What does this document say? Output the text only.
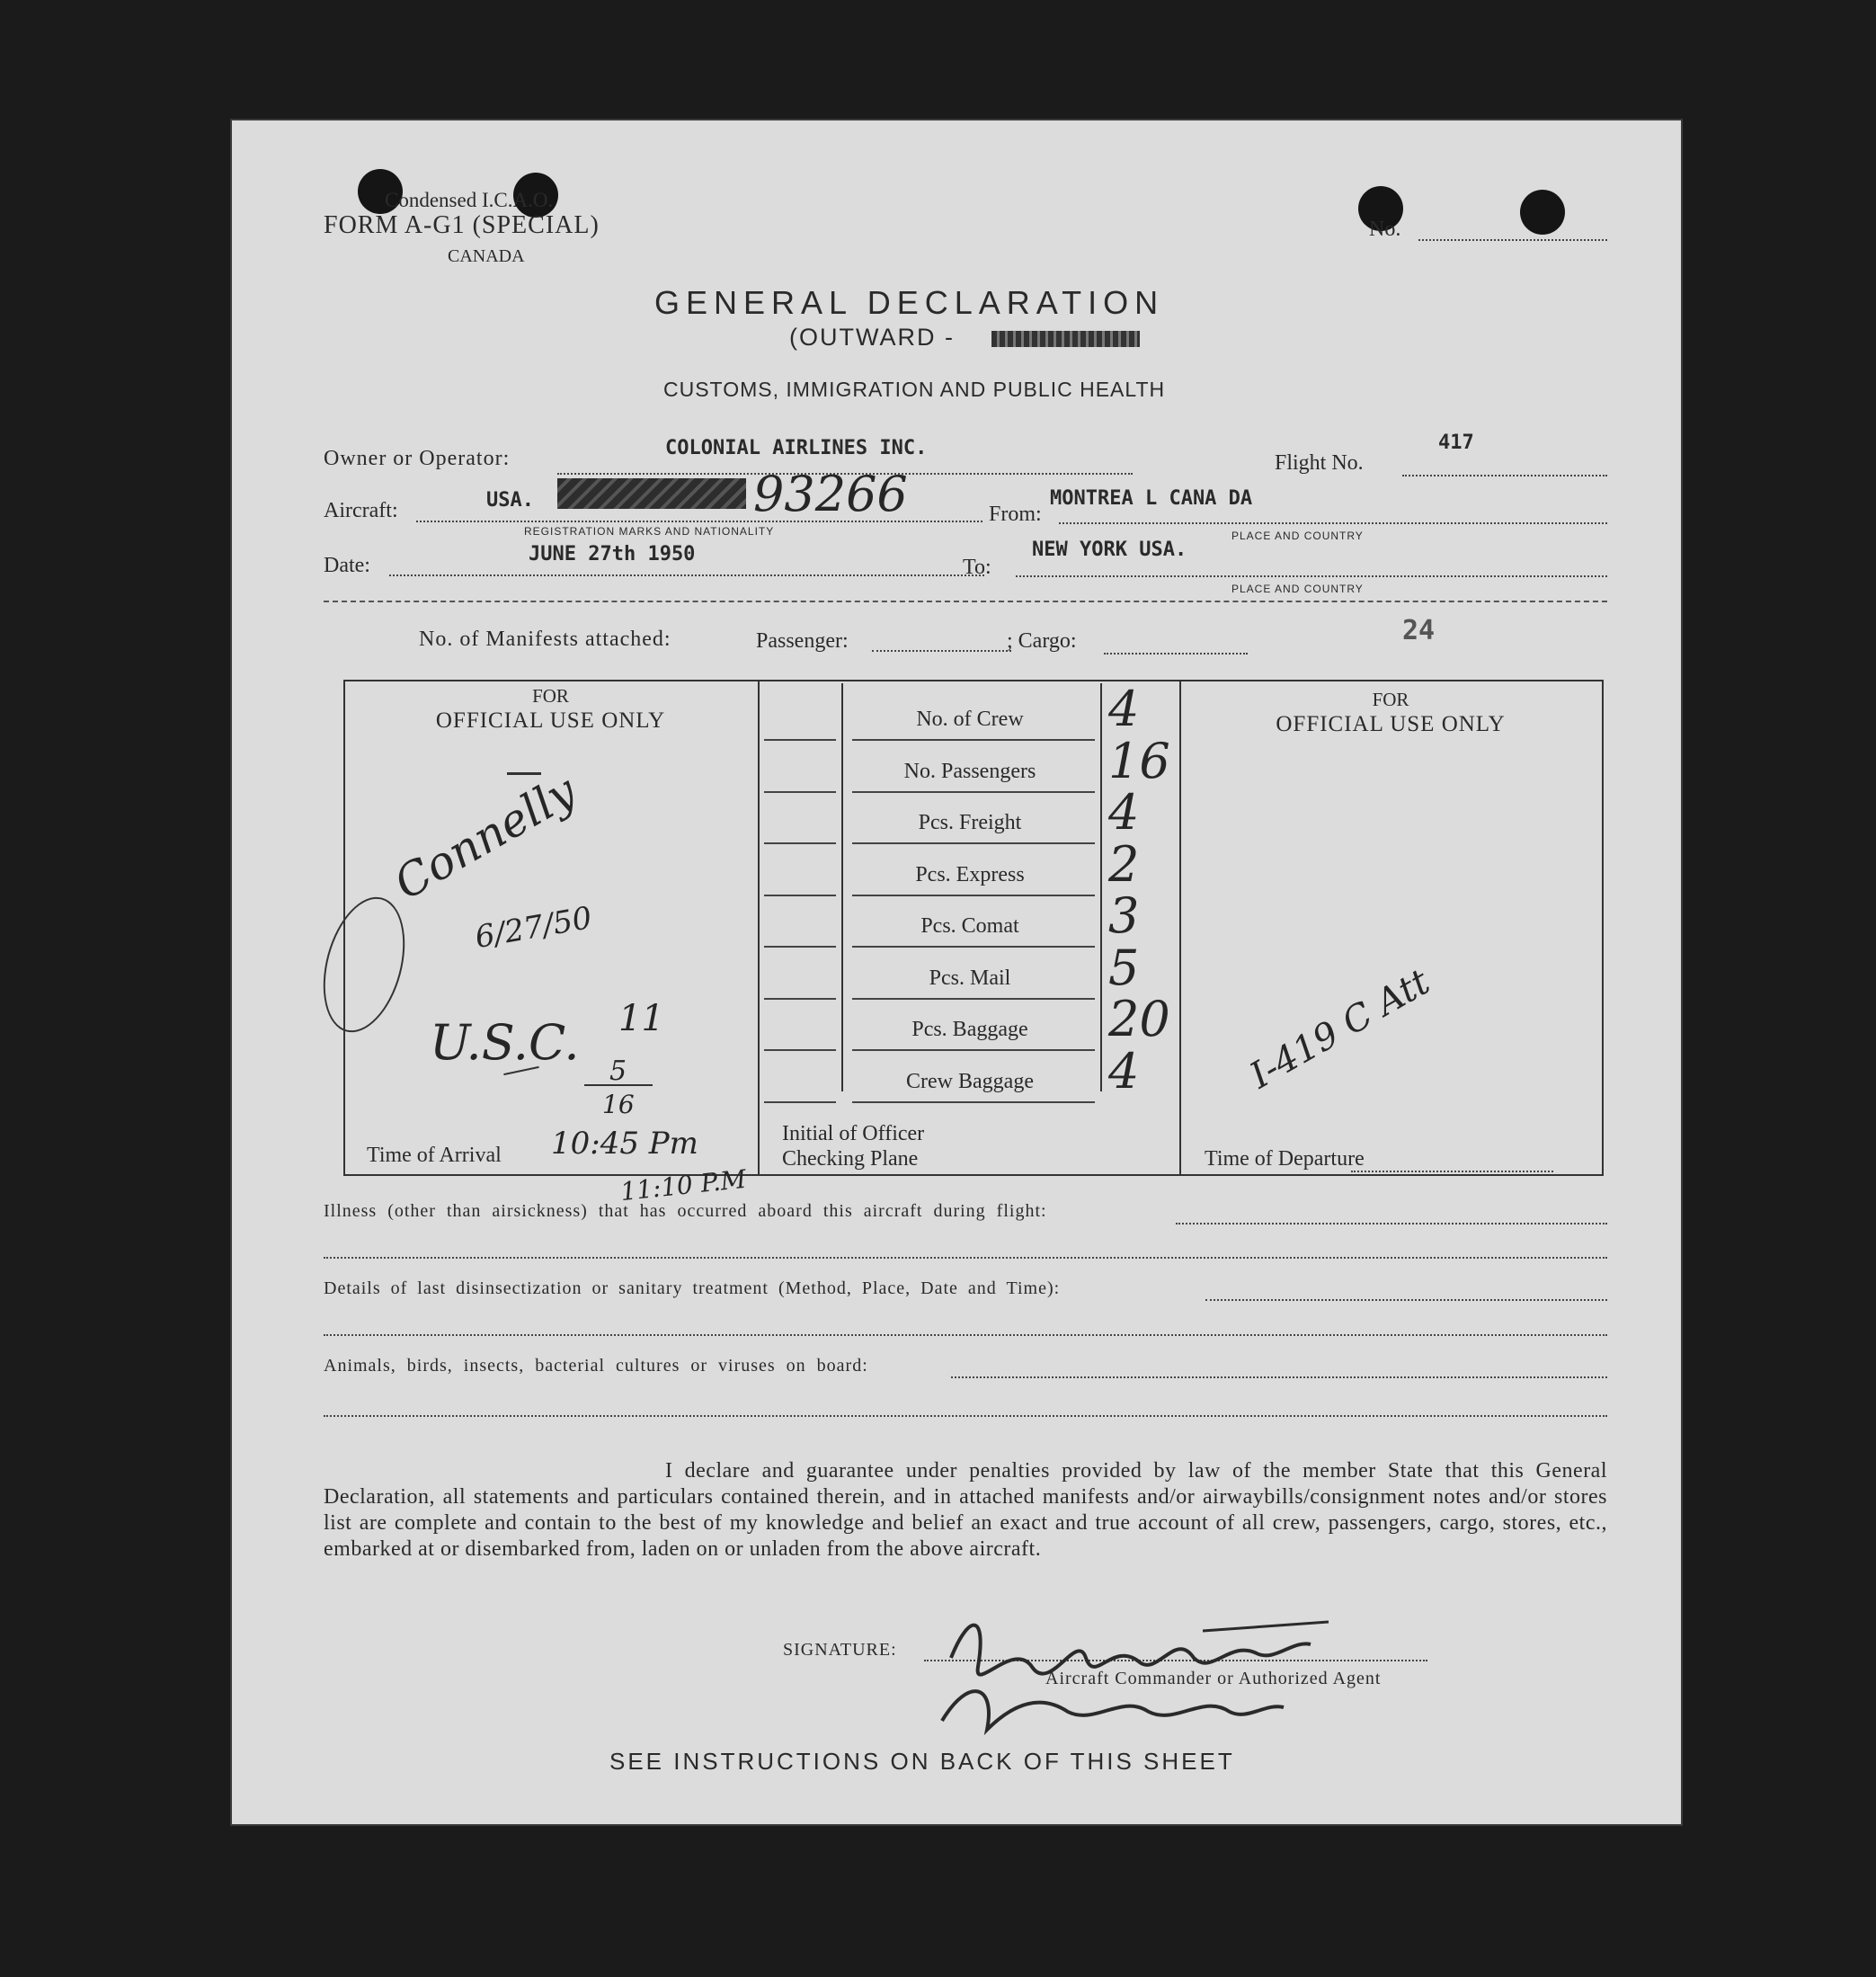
Condensed I.C.A.O.
FORM A-G1 (SPECIAL)
CANADA
No.
GENERAL DECLARATION
(OUTWARD -
CUSTOMS, IMMIGRATION AND PUBLIC HEALTH
Owner or Operator:	COLONIAL AIRLINES INC.
Flight No.
417
Aircraft:	USA.	93266
REGISTRATION MARKS AND NATIONALITY
From:
MONTREA L CANA DA
PLACE AND COUNTRY
Date:	JUNE 27th 1950
To:
NEW YORK USA.
PLACE AND COUNTRY
No. of Manifests attached:	Passenger:	; Cargo:	24
FOR
OFFICIAL USE ONLY
FOR
OFFICIAL USE ONLY
Initial of Officer
Checking Plane
Time of Arrival 10:45 Pm	Time of Departure
Connelly
6/27/50
U.S.C. 11
5
16
I-419 C Att
11:10 P.M
Illness (other than airsickness) that has occurred aboard this aircraft during flight:
Details of last disinsectization or sanitary treatment (Method, Place, Date and Time):
Animals, birds, insects, bacterial cultures or viruses on board:
I declare and guarantee under penalties provided by law of the member State that this General Declaration, all statements and particulars contained therein, and in attached manifests and/or airwaybills/consignment notes and/or stores list are complete and contain to the best of my knowledge and belief an exact and true account of all crew, passengers, cargo, stores, etc., embarked at or disembarked from, laden on or unladen from the above aircraft.
SIGNATURE:
Aircraft Commander or Authorized Agent
SEE INSTRUCTIONS ON BACK OF THIS SHEET
No. of Crew	4
No. Passengers	16
Pcs. Freight	4
Pcs. Express	2
Pcs. Comat	3
Pcs. Mail	5
Pcs. Baggage	20
Crew Baggage	4
